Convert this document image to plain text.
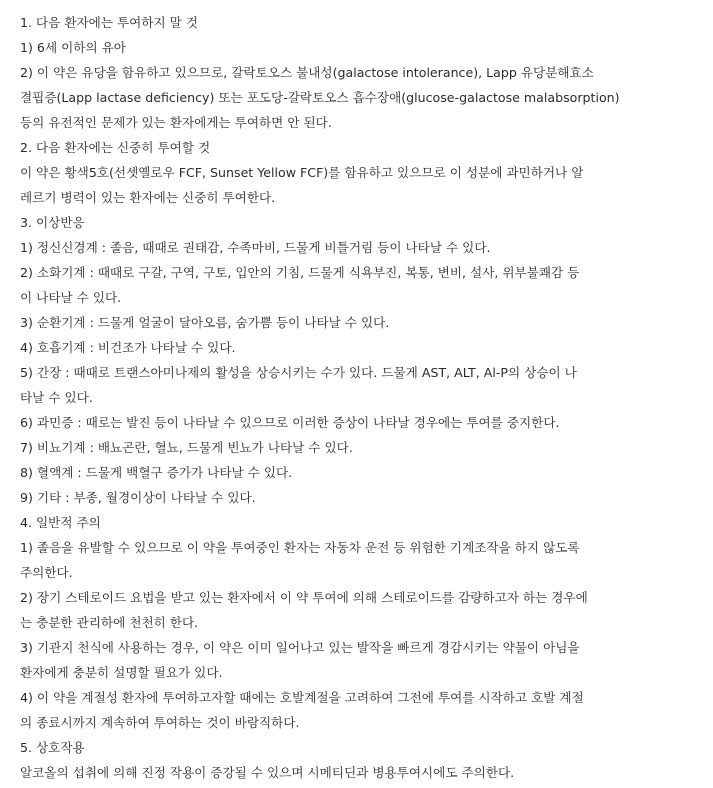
1. 다음 환자에는 투여하지 말 것
1) 6세 이하의 유아
2) 이 약은 유당을 함유하고 있으므로, 갈락토오스 불내성(galactose intolerance), Lapp 유당분해효소
결핍증(Lapp lactase deficiency) 또는 포도당-갈락토오스 흡수장애(glucose-galactose malabsorption)
등의 유전적인 문제가 있는 환자에게는 투여하면 안 된다.
2. 다음 환자에는 신중히 투여할 것
이 약은 황색5호(선셋옐로우 FCF, Sunset Yellow FCF)를 함유하고 있으므로 이 성분에 과민하거나 알
레르기 병력이 있는 환자에는 신중히 투여한다.
3. 이상반응
1) 정신신경계 : 졸음, 때때로 권태감, 수족마비, 드물게 비틀거림 등이 나타날 수 있다.
2) 소화기계 : 때때로 구갈, 구역, 구토, 입안의 기침, 드물게 식욕부진, 복통, 변비, 설사, 위부불쾌감 등
이 나타날 수 있다.
3) 순환기계 : 드물게 얼굴이 달아오름, 숨가쁨 등이 나타날 수 있다.
4) 호흡기계 : 비건조가 나타날 수 있다.
5) 간장 : 때때로 트랜스아미나제의 활성을 상승시키는 수가 있다. 드물게 AST, ALT, Al-P의 상승이 나
타날 수 있다.
6) 과민증 : 때로는 발진 등이 나타날 수 있으므로 이러한 증상이 나타날 경우에는 투여를 중지한다.
7) 비뇨기계 : 배뇨곤란, 혈뇨, 드물게 빈뇨가 나타날 수 있다.
8) 혈액계 : 드물게 백혈구 증가가 나타날 수 있다.
9) 기타 : 부종, 월경이상이 나타날 수 있다.
4. 일반적 주의
1) 졸음을 유발할 수 있으므로 이 약을 투여중인 환자는 자동차 운전 등 위험한 기계조작을 하지 않도록
주의한다.
2) 장기 스테로이드 요법을 받고 있는 환자에서 이 약 투여에 의해 스테로이드를 감량하고자 하는 경우에
는 충분한 관리하에 천천히 한다.
3) 기관지 천식에 사용하는 경우, 이 약은 이미 일어나고 있는 발작을 빠르게 경감시키는 약물이 아님을
환자에게 충분히 설명할 필요가 있다.
4) 이 약을 계절성 환자에 투여하고자할 때에는 호발계절을 고려하여 그전에 투여를 시작하고 호발 계절
의 종료시까지 계속하여 투여하는 것이 바람직하다.
5. 상호작용
알코올의 섭취에 의해 진정 작용이 증강될 수 있으며 시메티딘과 병용투여시에도 주의한다.
